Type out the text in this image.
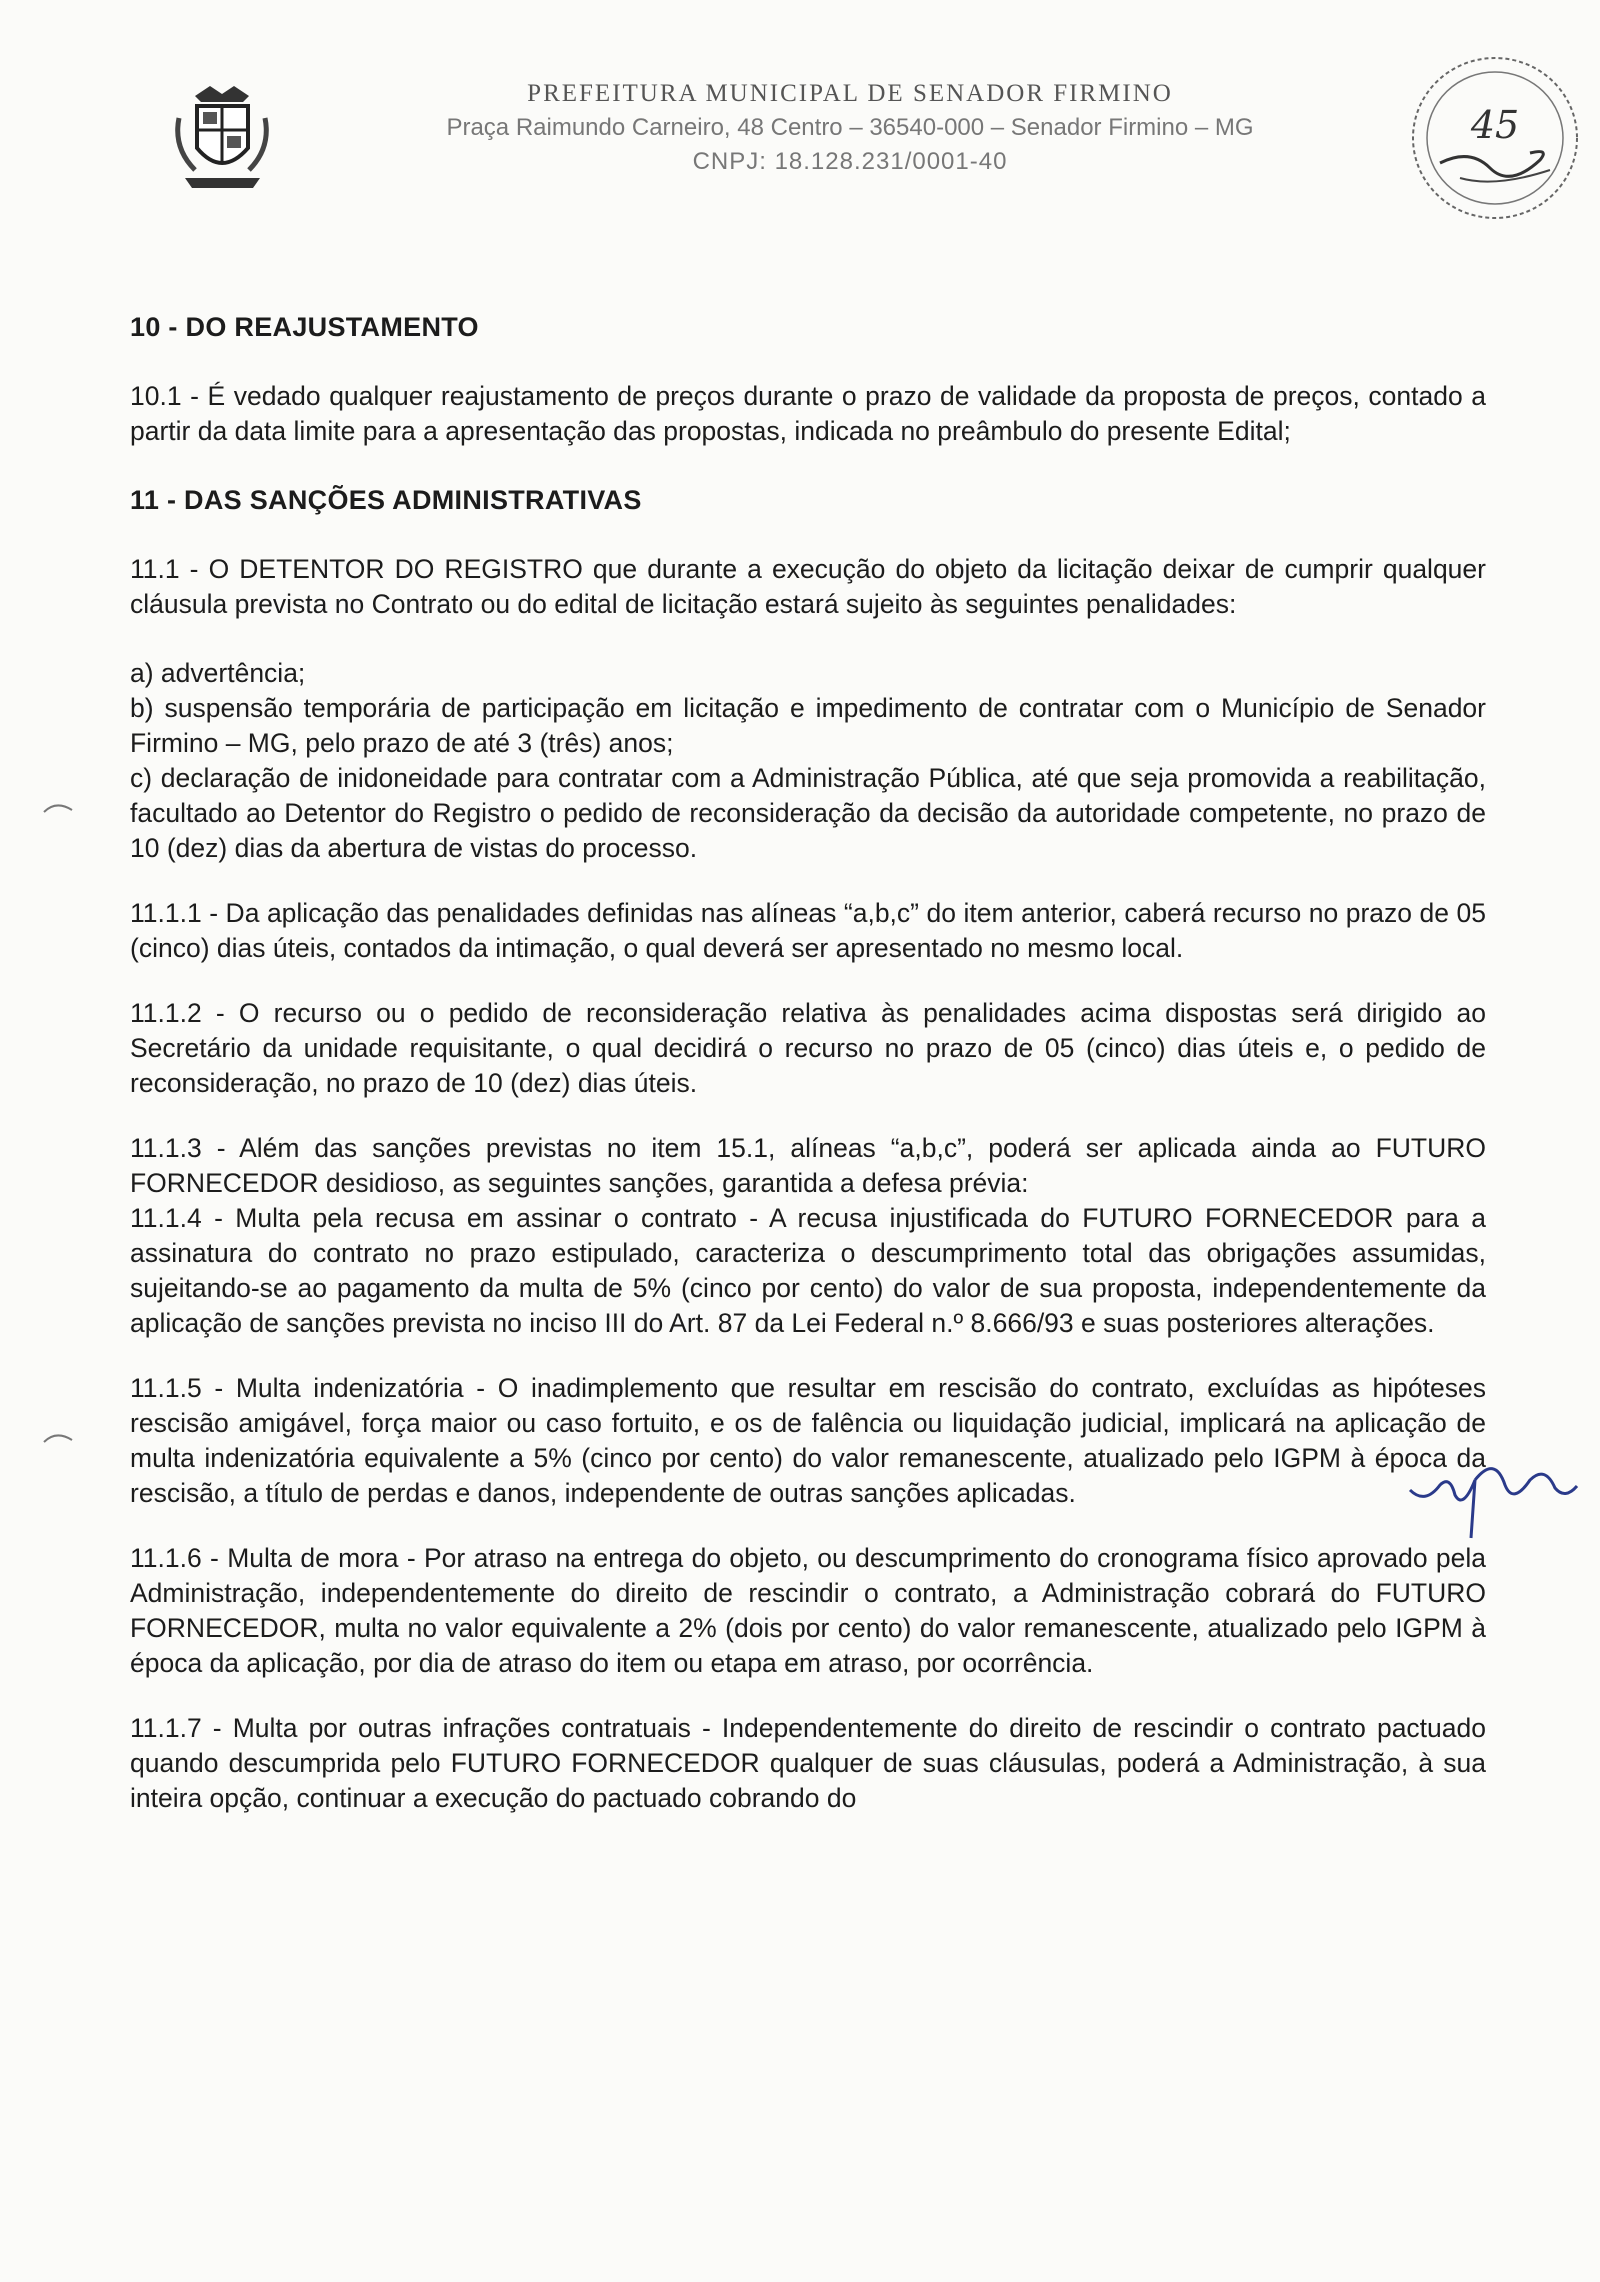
PREFEITURA MUNICIPAL DE SENADOR FIRMINO

Praça Raimundo Carneiro, 48 Centro – 36540-000 – Senador Firmino – MG

CNPJ: 18.128.231/0001-40

45

10 - DO REAJUSTAMENTO

10.1 - É vedado qualquer reajustamento de preços durante o prazo de validade da proposta de preços, contado a partir da data limite para a apresentação das propostas, indicada no preâmbulo do presente Edital;

11 - DAS SANÇÕES ADMINISTRATIVAS

11.1 - O DETENTOR DO REGISTRO que durante a execução do objeto da licitação deixar de cumprir qualquer cláusula prevista no Contrato ou do edital de licitação estará sujeito às seguintes penalidades:

a) advertência;

b) suspensão temporária de participação em licitação e impedimento de contratar com o Município de Senador Firmino – MG, pelo prazo de até 3 (três) anos;

c) declaração de inidoneidade para contratar com a Administração Pública, até que seja promovida a reabilitação, facultado ao Detentor do Registro o pedido de reconsideração da decisão da autoridade competente, no prazo de 10 (dez) dias da abertura de vistas do processo.

11.1.1 - Da aplicação das penalidades definidas nas alíneas “a,b,c” do item anterior, caberá recurso no prazo de 05 (cinco) dias úteis, contados da intimação, o qual deverá ser apresentado no mesmo local.

11.1.2 - O recurso ou o pedido de reconsideração relativa às penalidades acima dispostas será dirigido ao Secretário da unidade requisitante, o qual decidirá o recurso no prazo de 05 (cinco) dias úteis e, o pedido de reconsideração, no prazo de 10 (dez) dias úteis.

11.1.3 - Além das sanções previstas no item 15.1, alíneas “a,b,c”, poderá ser aplicada ainda ao FUTURO FORNECEDOR desidioso, as seguintes sanções, garantida a defesa prévia:

11.1.4 - Multa pela recusa em assinar o contrato - A recusa injustificada do FUTURO FORNECEDOR para a assinatura do contrato no prazo estipulado, caracteriza o descumprimento total das obrigações assumidas, sujeitando-se ao pagamento da multa de 5% (cinco por cento) do valor de sua proposta, independentemente da aplicação de sanções prevista no inciso III do Art. 87 da Lei Federal n.º 8.666/93 e suas posteriores alterações.

11.1.5 - Multa indenizatória - O inadimplemento que resultar em rescisão do contrato, excluídas as hipóteses rescisão amigável, força maior ou caso fortuito, e os de falência ou liquidação judicial, implicará na aplicação de multa indenizatória equivalente a 5% (cinco por cento) do valor remanescente, atualizado pelo IGPM à época da rescisão, a título de perdas e danos, independente de outras sanções aplicadas.

11.1.6 - Multa de mora - Por atraso na entrega do objeto, ou descumprimento do cronograma físico aprovado pela Administração, independentemente do direito de rescindir o contrato, a Administração cobrará do FUTURO FORNECEDOR, multa no valor equivalente a 2% (dois por cento) do valor remanescente, atualizado pelo IGPM à época da aplicação, por dia de atraso do item ou etapa em atraso, por ocorrência.

11.1.7 - Multa por outras infrações contratuais - Independentemente do direito de rescindir o contrato pactuado quando descumprida pelo FUTURO FORNECEDOR qualquer de suas cláusulas, poderá a Administração, à sua inteira opção, continuar a execução do pactuado cobrando do
